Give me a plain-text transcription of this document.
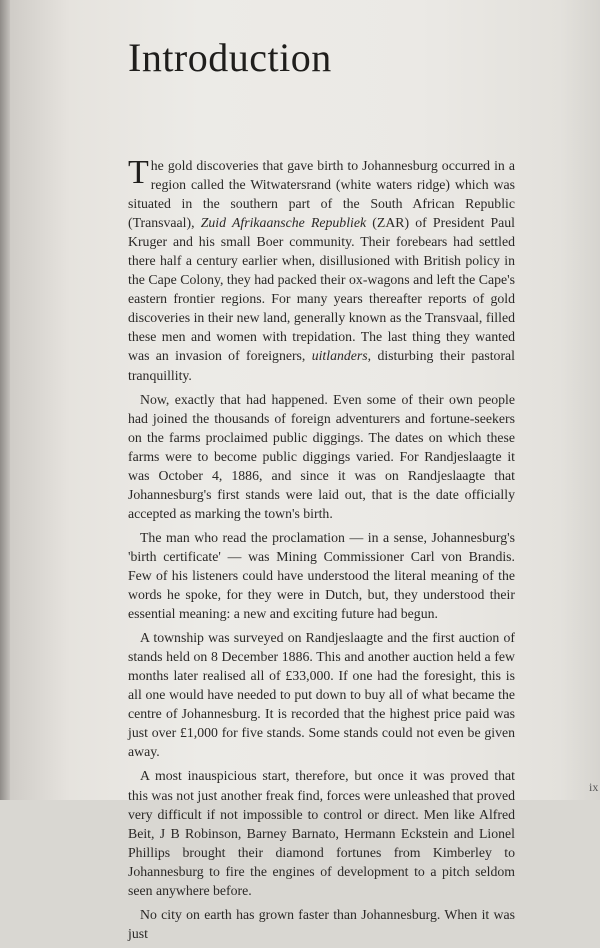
Introduction

The gold discoveries that gave birth to Johannesburg occurred in a region called the Witwatersrand (white waters ridge) which was situated in the southern part of the South African Republic (Transvaal), Zuid Afrikaansche Republiek (ZAR) of President Paul Kruger and his small Boer community. Their forebears had settled there half a century earlier when, disillusioned with British policy in the Cape Colony, they had packed their ox-wagons and left the Cape's eastern frontier regions. For many years thereafter reports of gold discoveries in their new land, generally known as the Transvaal, filled these men and women with trepidation. The last thing they wanted was an invasion of foreigners, uitlanders, disturbing their pastoral tranquillity.

Now, exactly that had happened. Even some of their own people had joined the thousands of foreign adventurers and fortune-seekers on the farms proclaimed public diggings. The dates on which these farms were to become public diggings varied. For Randjeslaagte it was October 4, 1886, and since it was on Randjeslaagte that Johannesburg's first stands were laid out, that is the date officially accepted as marking the town's birth.

The man who read the proclamation — in a sense, Johannesburg's 'birth certificate' — was Mining Commissioner Carl von Brandis. Few of his listeners could have understood the literal meaning of the words he spoke, for they were in Dutch, but, they understood their essential meaning: a new and exciting future had begun.

A township was surveyed on Randjeslaagte and the first auction of stands held on 8 December 1886. This and another auction held a few months later realised all of £33,000. If one had the foresight, this is all one would have needed to put down to buy all of what became the centre of Johannesburg. It is recorded that the highest price paid was just over £1,000 for five stands. Some stands could not even be given away.

A most inauspicious start, therefore, but once it was proved that this was not just another freak find, forces were unleashed that proved very difficult if not impossible to control or direct. Men like Alfred Beit, J B Robinson, Barney Barnato, Hermann Eckstein and Lionel Phillips brought their diamond fortunes from Kimberley to Johannesburg to fire the engines of development to a pitch seldom seen anywhere before.

No city on earth has grown faster than Johannesburg. When it was just

ix
